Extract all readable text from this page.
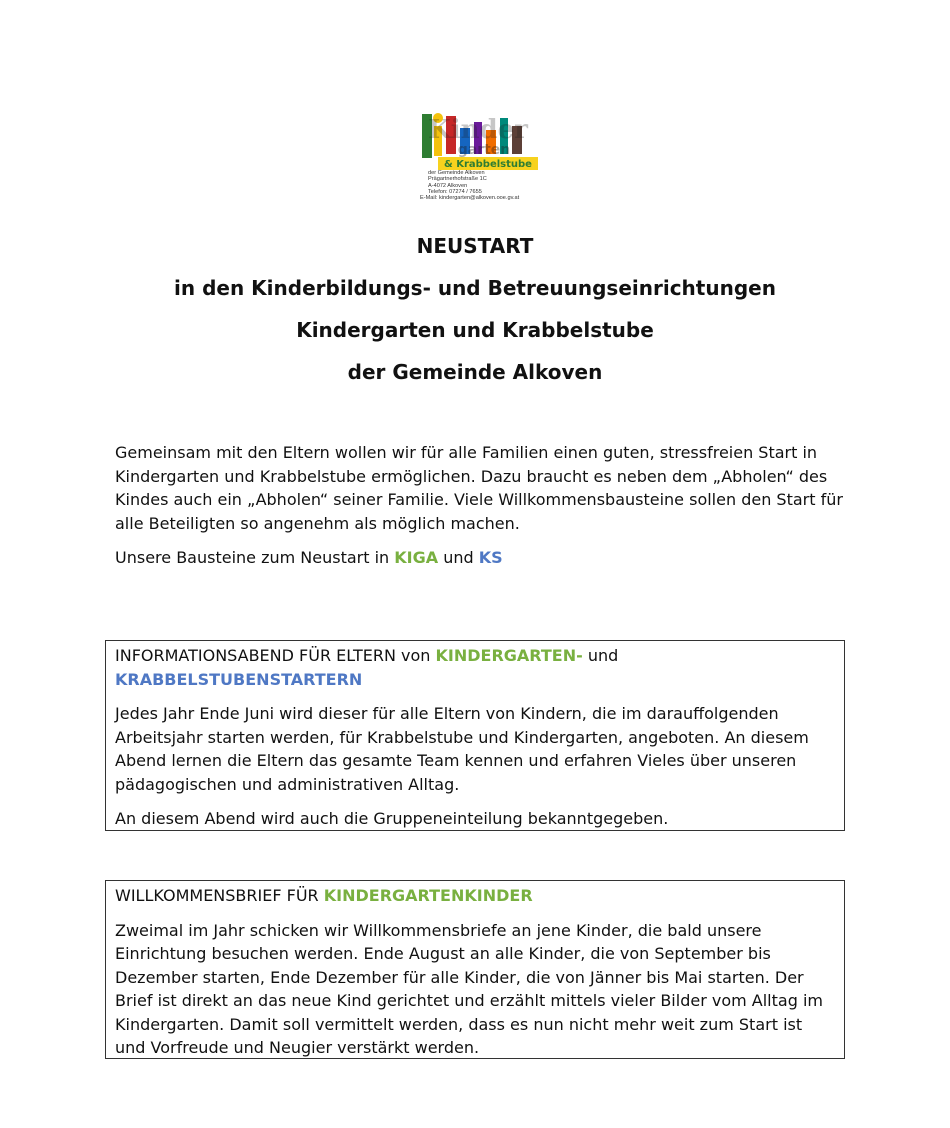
& Krabbelstube
Kinder
garten
der Gemeinde Alkoven
Prägartnerhofstraße 1C
A-4072 Alkoven
Telefon: 07274 / 7655
E-Mail: kindergarten@alkoven.ooe.gv.at
NEUSTART
in den Kinderbildungs- und Betreuungseinrichtungen
Kindergarten und Krabbelstube
der Gemeinde Alkoven

Gemeinsam mit den Eltern wollen wir für alle Familien einen guten, stressfreien Start in Kindergarten und Krabbelstube ermöglichen. Dazu braucht es neben dem „Abholen“ des Kindes auch ein „Abholen“ seiner Familie. Viele Willkommensbausteine sollen den Start für alle Beteiligten so angenehm als möglich machen.

Unsere Bausteine zum Neustart in KIGA und KS

INFORMATIONSABEND FÜR ELTERN von KINDERGARTEN- und
KRABBELSTUBENSTARTERN

Jedes Jahr Ende Juni wird dieser für alle Eltern von Kindern, die im darauffolgenden Arbeitsjahr starten werden, für Krabbelstube und Kindergarten, angeboten. An diesem Abend lernen die Eltern das gesamte Team kennen und erfahren Vieles über unseren pädagogischen und administrativen Alltag.

An diesem Abend wird auch die Gruppeneinteilung bekanntgegeben.

WILLKOMMENSBRIEF FÜR KINDERGARTENKINDER

Zweimal im Jahr schicken wir Willkommensbriefe an jene Kinder, die bald unsere Einrichtung besuchen werden. Ende August an alle Kinder, die von September bis Dezember starten, Ende Dezember für alle Kinder, die von Jänner bis Mai starten. Der Brief ist direkt an das neue Kind gerichtet und erzählt mittels vieler Bilder vom Alltag im Kindergarten. Damit soll vermittelt werden, dass es nun nicht mehr weit zum Start ist und Vorfreude und Neugier verstärkt werden.
